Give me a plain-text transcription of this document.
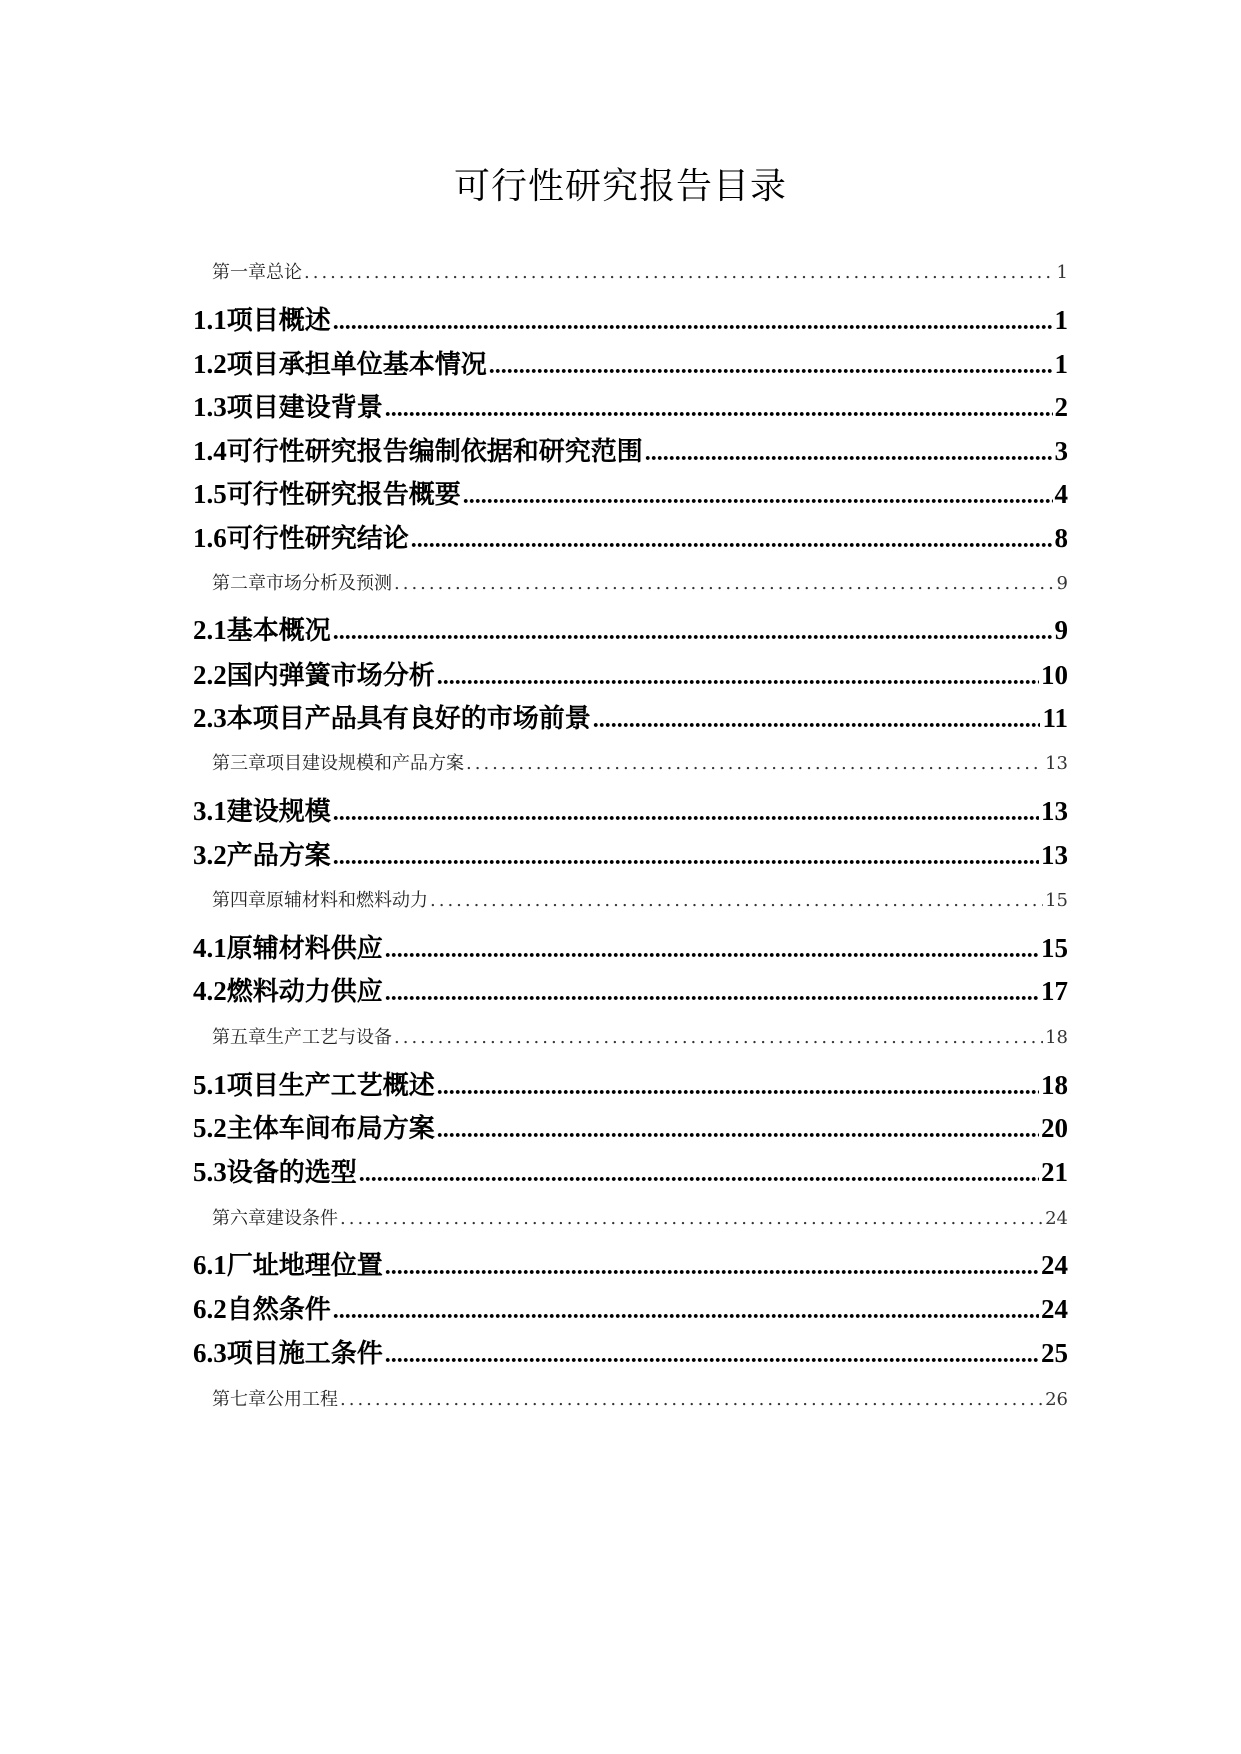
可行性研究报告目录
第一章 总论 .....	1
1.1 项目概述 .....	1
1.2 项目承担单位基本情况 .....	1
1.3 项目建设背景 .....	2
1.4 可行性研究报告编制依据和研究范围 .....	3
1.5 可行性研究报告概要 .....	4
1.6 可行性研究结论 .....	8
第二章 市场分析及预测 .....	9
2.1 基本概况 .....	9
2.2 国内弹簧市场分析 .....	10
2.3 本项目产品具有良好的市场前景 .....	11
第三章 项目建设规模和产品方案 .....	13
3.1 建设规模 .....	13
3.2 产品方案 .....	13
第四章 原辅材料和燃料动力 .....	15
4.1 原辅材料供应 .....	15
4.2 燃料动力供应 .....	17
第五章 生产工艺与设备 .....	18
5.1 项目生产工艺概述 .....	18
5.2 主体车间布局方案 .....	20
5.3 设备的选型 .....	21
第六章 建设条件 .....	24
6.1 厂址地理位置 .....	24
6.2 自然条件 .....	24
6.3 项目施工条件 .....	25
第七章 公用工程 .....	26
